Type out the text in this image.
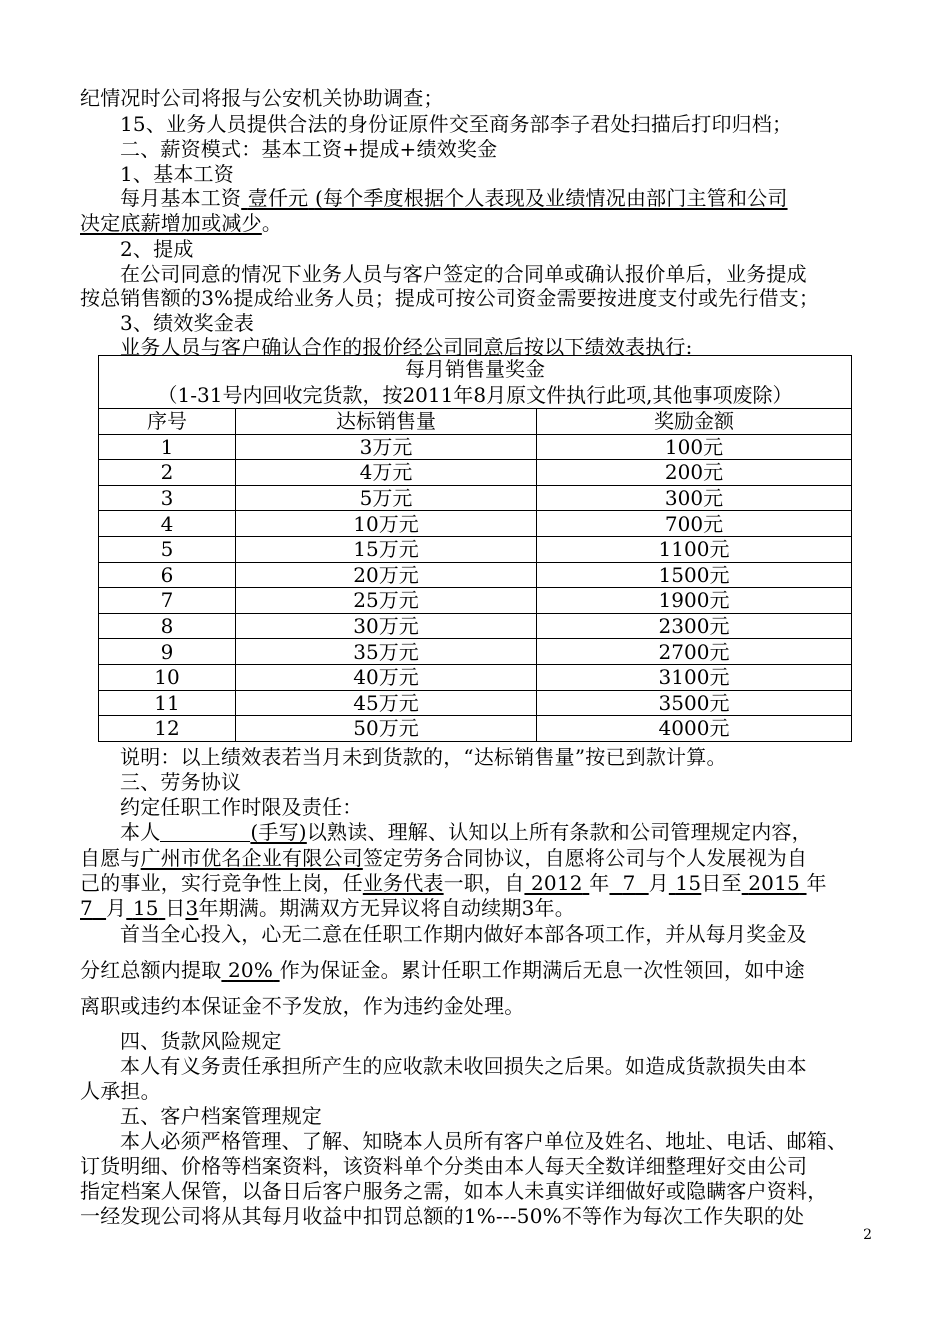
纪情况时公司将报与公安机关协助调查；
15、业务人员提供合法的身份证原件交至商务部李子君处扫描后打印归档；
二、薪资模式：基本工资+提成+绩效奖金
1、基本工资
每月基本工资 壹仟元 (每个季度根据个人表现及业绩情况由部门主管和公司
决定底薪增加或减少。
2、提成
在公司同意的情况下业务人员与客户签定的合同单或确认报价单后，业务提成
按总销售额的3%提成给业务人员；提成可按公司资金需要按进度支付或先行借支；
3、绩效奖金表
业务人员与客户确认合作的报价经公司同意后按以下绩效表执行:
每月销售量奖金
（1-31号内回收完货款，按2011年8月原文件执行此项,其他事项废除）		

序号	达标销售量	奖励金额
1	3万元	100元
2	4万元	200元
3	5万元	300元
4	10万元	700元
5	15万元	1100元
6	20万元	1500元
7	25万元	1900元
8	30万元	2300元
9	35万元	2700元
10	40万元	3100元
11	45万元	3500元
12	50万元	4000元
说明：以上绩效表若当月未到货款的，“达标销售量”按已到款计算。
三、劳务协议
约定任职工作时限及责任：
本人	(手写)以熟读、理解、认知以上所有条款和公司管理规定内容，
自愿与广州市优名企业有限公司签定劳务合同协议，自愿将公司与个人发展视为自
己的事业，实行竞争性上岗，任业务代表一职，自 2012 年 7 月 15日至 2015 年
7 月 15 日3年期满。期满双方无异议将自动续期3年。
首当全心投入，心无二意在任职工作期内做好本部各项工作，并从每月奖金及
分红总额内提取 20% 作为保证金。累计任职工作期满后无息一次性领回，如中途
离职或违约本保证金不予发放，作为违约金处理。
四、货款风险规定
本人有义务责任承担所产生的应收款未收回损失之后果。如造成货款损失由本
人承担。
五、客户档案管理规定
本人必须严格管理、了解、知晓本人员所有客户单位及姓名、地址、电话、邮箱、
订货明细、价格等档案资料，该资料单个分类由本人每天全数详细整理好交由公司
指定档案人保管，以备日后客户服务之需，如本人未真实详细做好或隐瞒客户资料，
一经发现公司将从其每月收益中扣罚总额的1%---50%不等作为每次工作失职的处
2
